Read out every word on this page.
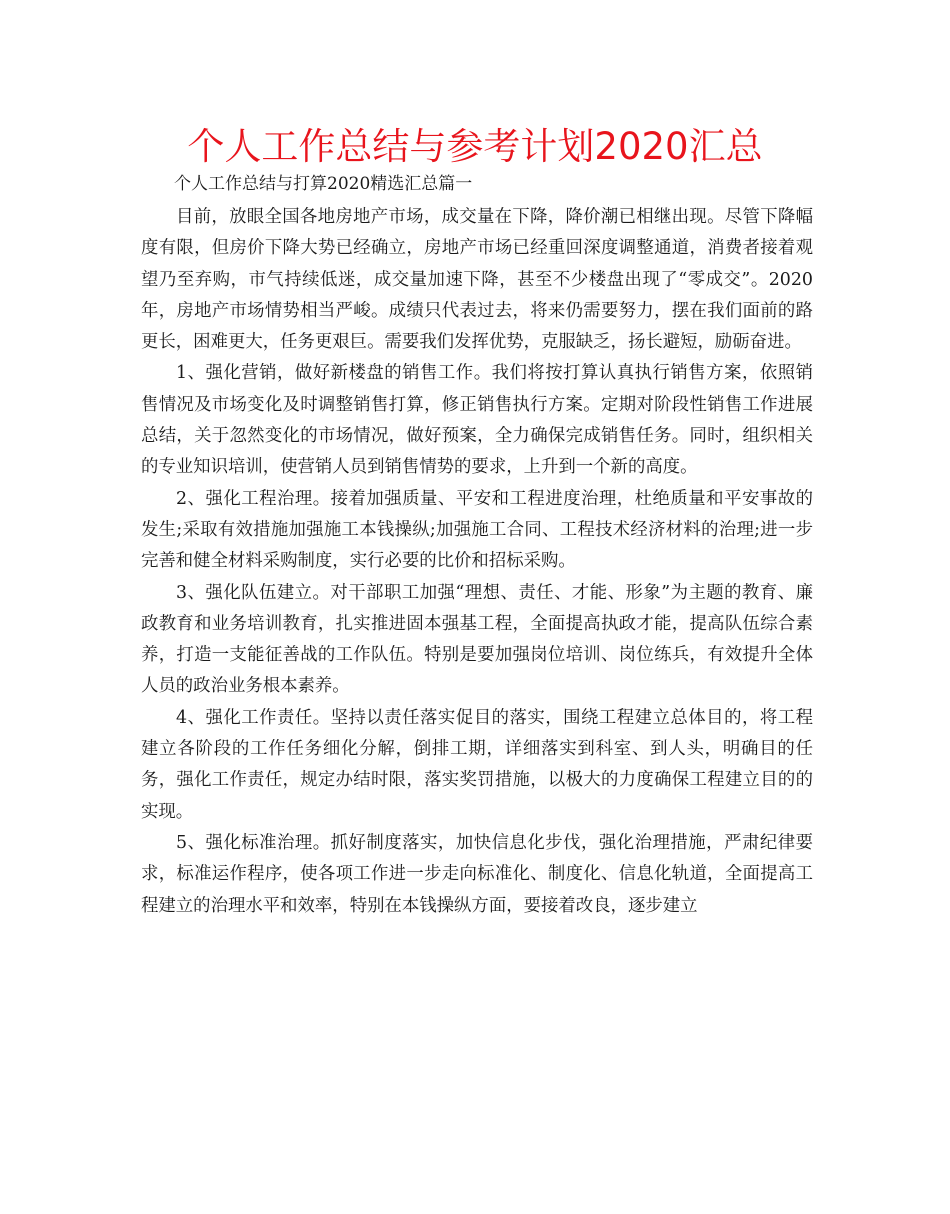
个人工作总结与参考计划2020汇总

个人工作总结与打算2020精选汇总篇一

目前，放眼全国各地房地产市场，成交量在下降，降价潮已相继出现。尽管下降幅度有限，但房价下降大势已经确立，房地产市场已经重回深度调整通道，消费者接着观望乃至弃购，市气持续低迷，成交量加速下降，甚至不少楼盘出现了“零成交”。2020年，房地产市场情势相当严峻。成绩只代表过去，将来仍需要努力，摆在我们面前的路更长，困难更大，任务更艰巨。需要我们发挥优势，克服缺乏，扬长避短，励砺奋进。

1、强化营销，做好新楼盘的销售工作。我们将按打算认真执行销售方案，依照销售情况及市场变化及时调整销售打算，修正销售执行方案。定期对阶段性销售工作进展总结，关于忽然变化的市场情况，做好预案，全力确保完成销售任务。同时，组织相关的专业知识培训，使营销人员到销售情势的要求，上升到一个新的高度。

2、强化工程治理。接着加强质量、平安和工程进度治理，杜绝质量和平安事故的发生;采取有效措施加强施工本钱操纵;加强施工合同、工程技术经济材料的治理;进一步完善和健全材料采购制度，实行必要的比价和招标采购。

3、强化队伍建立。对干部职工加强“理想、责任、才能、形象”为主题的教育、廉政教育和业务培训教育，扎实推进固本强基工程，全面提高执政才能，提高队伍综合素养，打造一支能征善战的工作队伍。特别是要加强岗位培训、岗位练兵，有效提升全体人员的政治业务根本素养。

4、强化工作责任。坚持以责任落实促目的落实，围绕工程建立总体目的，将工程建立各阶段的工作任务细化分解，倒排工期，详细落实到科室、到人头，明确目的任务，强化工作责任，规定办结时限，落实奖罚措施，以极大的力度确保工程建立目的的实现。

5、强化标准治理。抓好制度落实，加快信息化步伐，强化治理措施，严肃纪律要求，标准运作程序，使各项工作进一步走向标准化、制度化、信息化轨道，全面提高工程建立的治理水平和效率，特别在本钱操纵方面，要接着改良，逐步建立
